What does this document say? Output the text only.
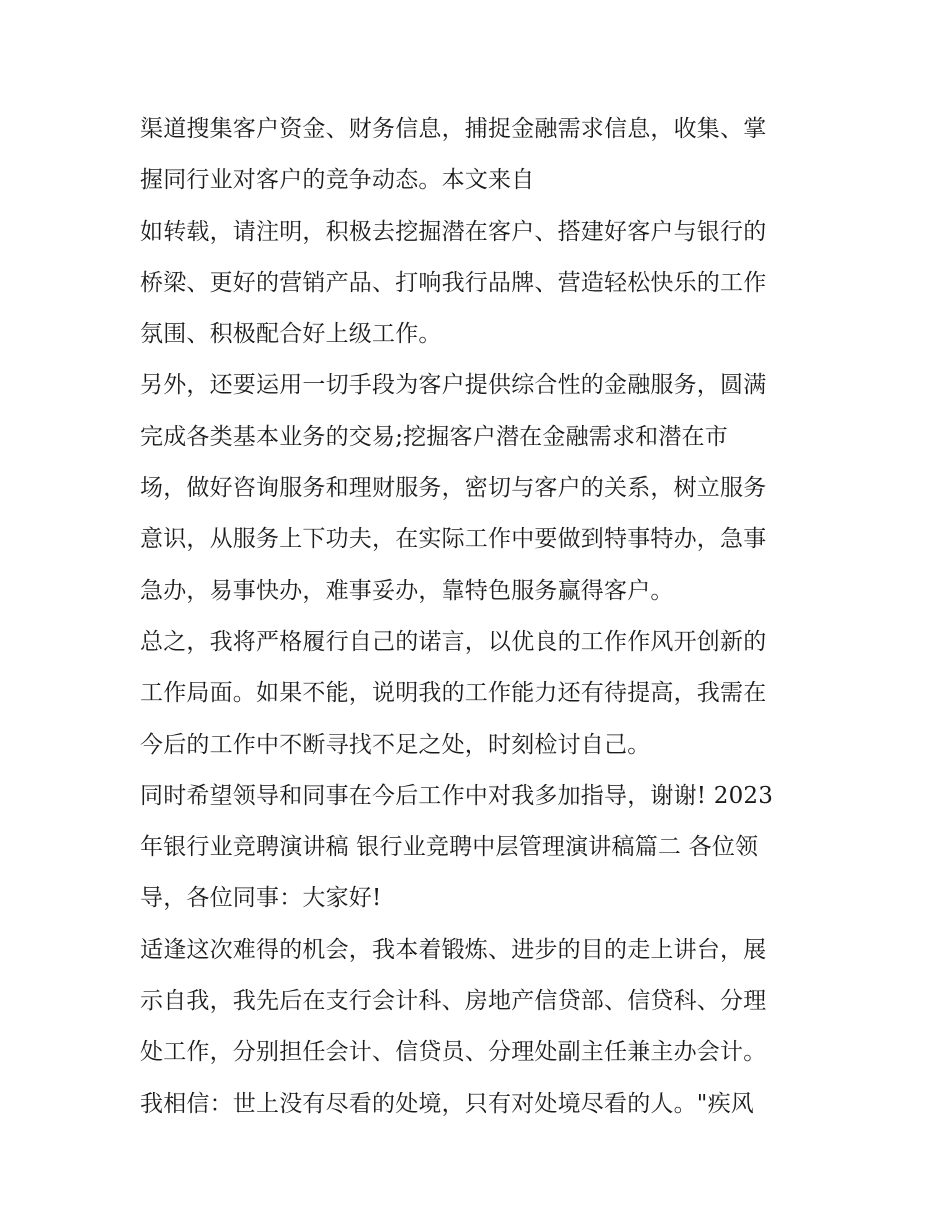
渠道搜集客户资金、财务信息，捕捉金融需求信息，收集、掌
握同行业对客户的竞争动态。本文来自
如转载，请注明，积极去挖掘潜在客户、搭建好客户与银行的
桥梁、更好的营销产品、打响我行品牌、营造轻松快乐的工作
氛围、积极配合好上级工作。
另外，还要运用一切手段为客户提供综合性的金融服务，圆满
完成各类基本业务的交易;挖掘客户潜在金融需求和潜在市
场，做好咨询服务和理财服务，密切与客户的关系，树立服务
意识，从服务上下功夫，在实际工作中要做到特事特办，急事
急办，易事快办，难事妥办，靠特色服务赢得客户。
总之，我将严格履行自己的诺言，以优良的工作作风开创新的
工作局面。如果不能，说明我的工作能力还有待提高，我需在
今后的工作中不断寻找不足之处，时刻检讨自己。
同时希望领导和同事在今后工作中对我多加指导，谢谢! 2023
年银行业竞聘演讲稿 银行业竞聘中层管理演讲稿篇二 各位领
导，各位同事：大家好!
适逢这次难得的机会，我本着锻炼、进步的目的走上讲台，展
示自我，我先后在支行会计科、房地产信贷部、信贷科、分理
处工作，分别担任会计、信贷员、分理处副主任兼主办会计。
我相信：世上没有尽看的处境，只有对处境尽看的人。"疾风
